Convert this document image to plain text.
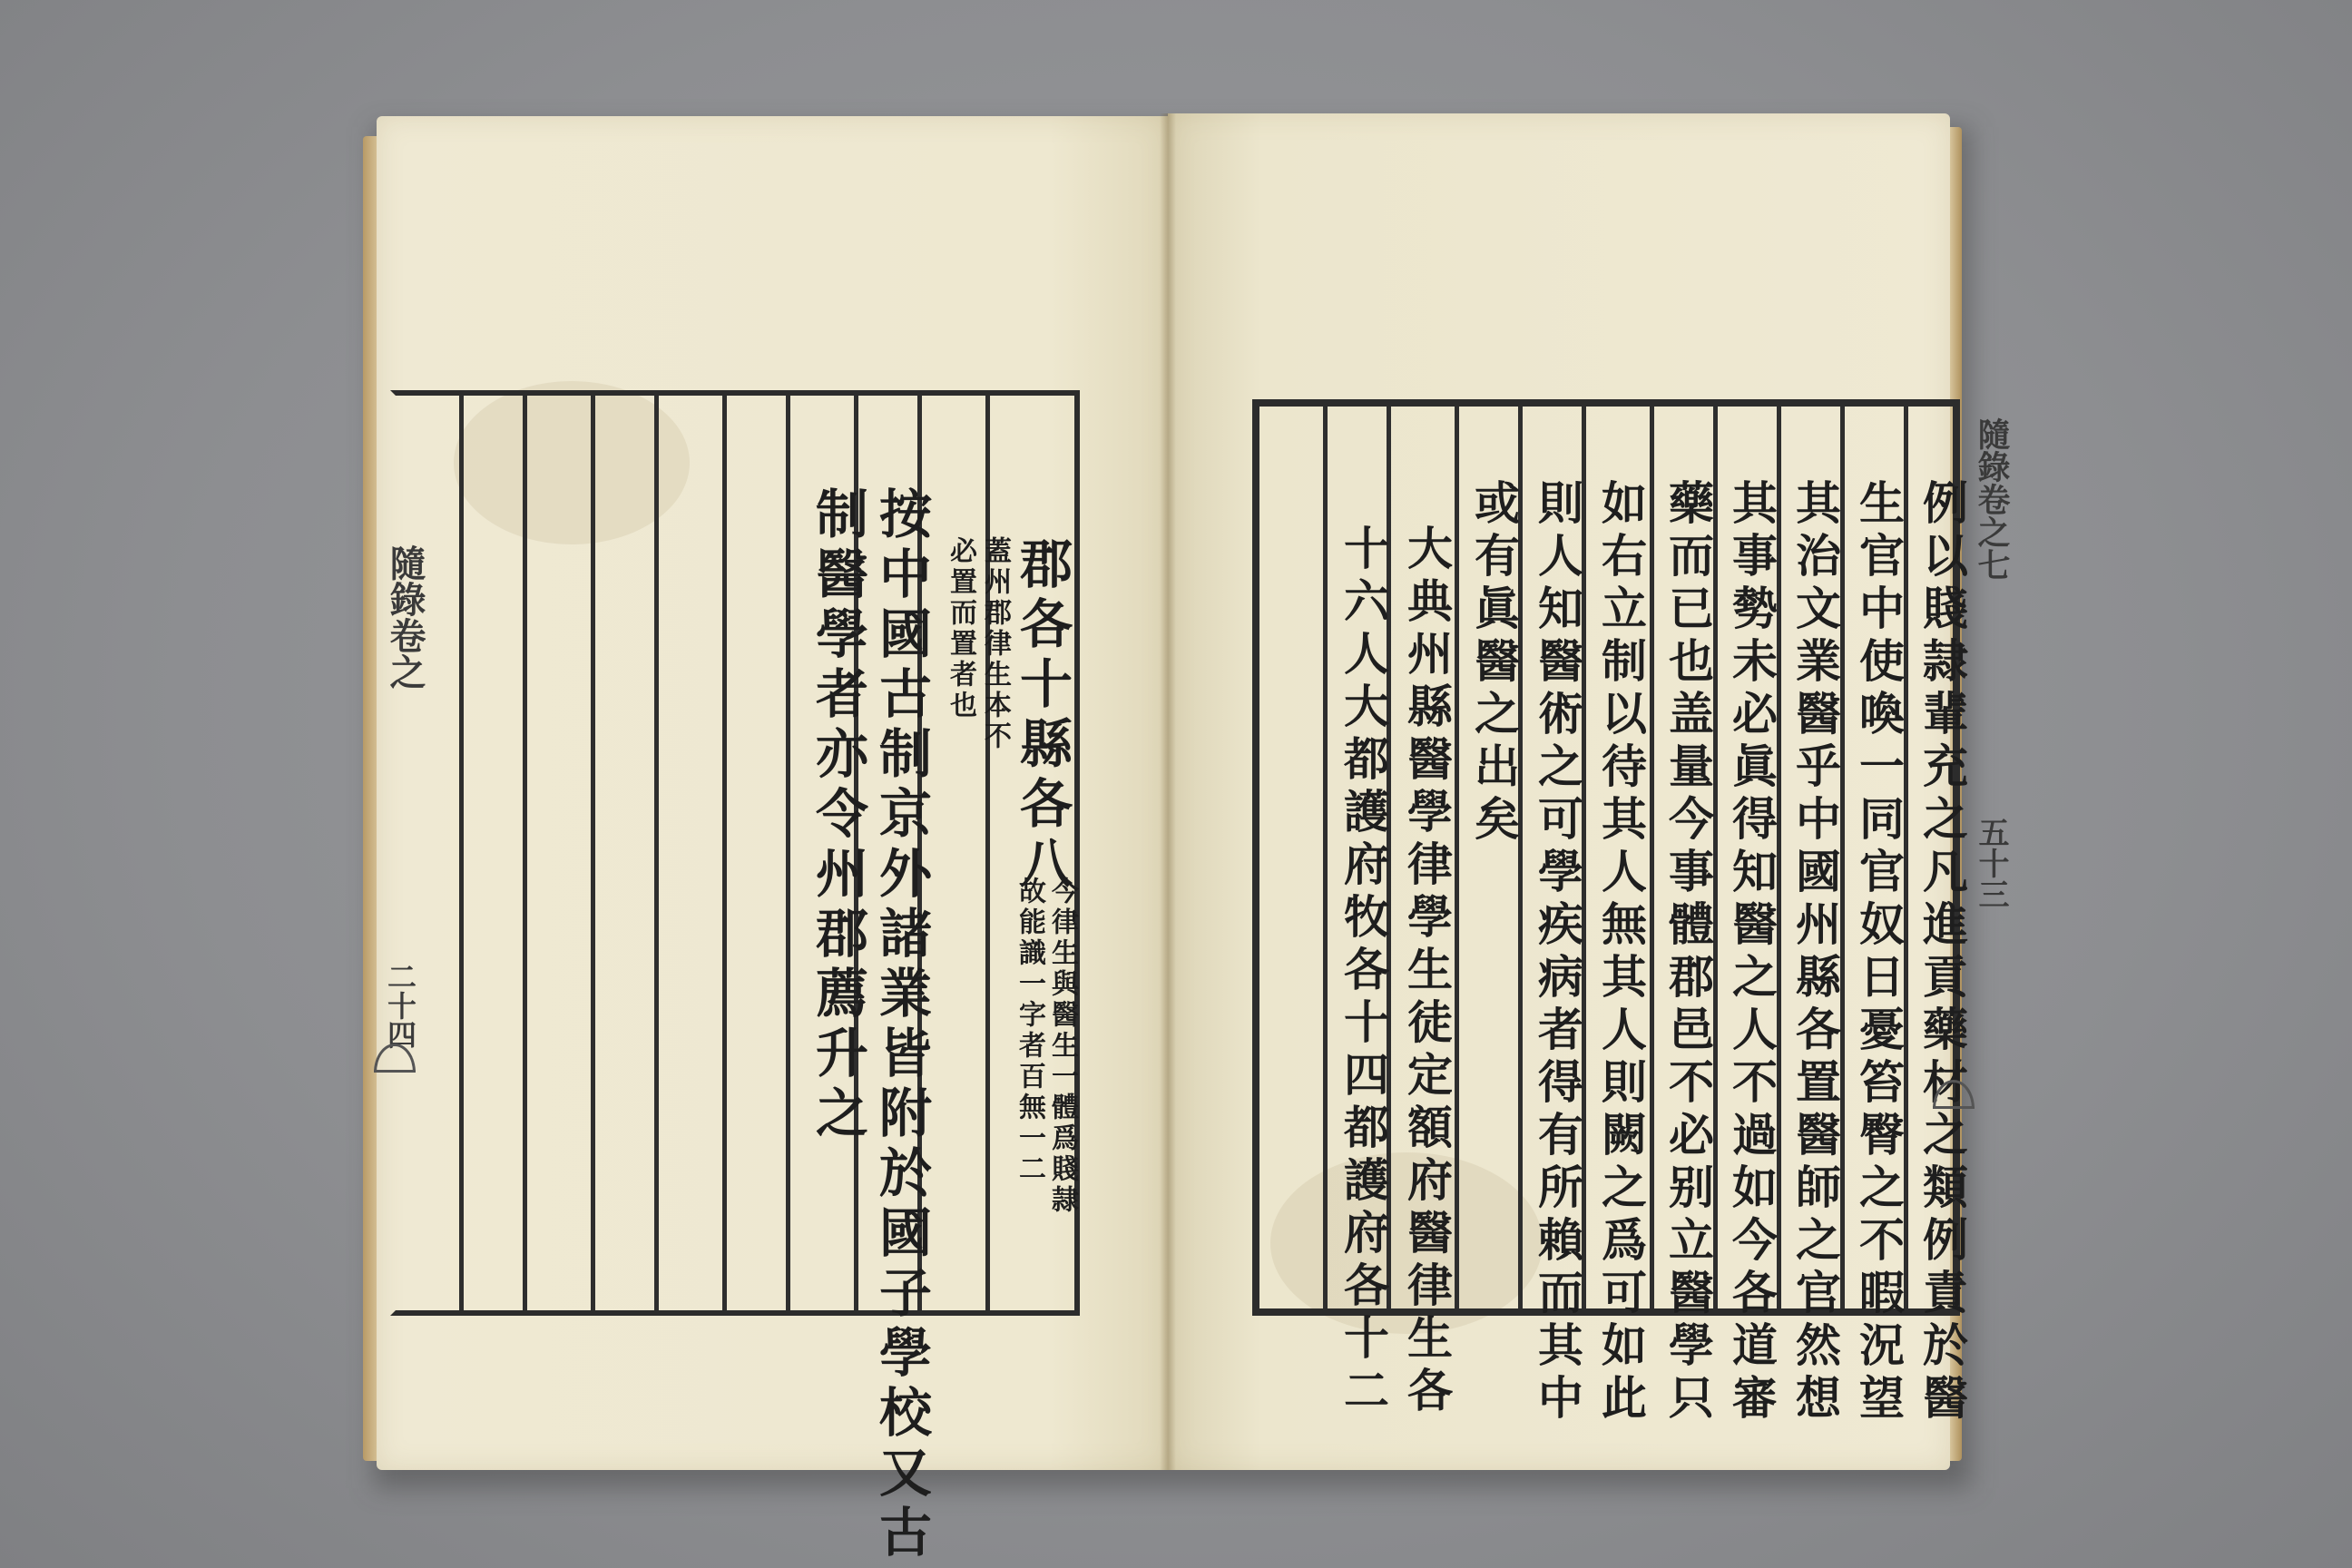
郡各十縣各八
今律生與醫生一體爲賤隷
故能識一字者百無一二
蓋州郡律生本不
必置而置者也
按中國古制京外諸業皆附於國子學校又古
制醫學者亦令州郡薦升之
隨錄卷之
二十四	例以賤隷輩充之凡進貢藥材之類例責於醫
生官中使喚一同官奴日憂笞臀之不暇況望
其治文業醫乎中國州縣各置醫師之官然想
其事勢未必眞得知醫之人不過如今各道審
藥而已也盖量今事體郡邑不必别立醫學只
如右立制以待其人無其人則闕之爲可如此
則人知醫術之可學疾病者得有所賴而其中
或有眞醫之出矣
大典州縣醫學律學生徒定額府醫律生各
十六人大都護府牧各十四都護府各十二
隨錄卷之七
五十三
